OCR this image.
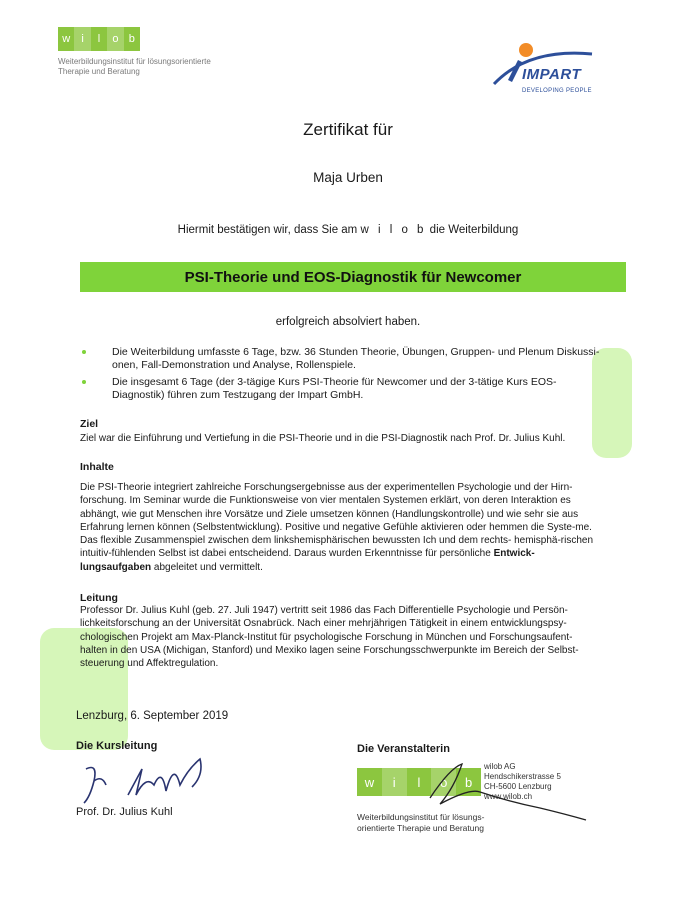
w	i	l	o b
Weiterbildungsinstitut für lösungsorientierte
Therapie und Beratung	IMPART
DEVELOPING PEOPLE
Zertifikat für
Maja Urben
Hiermit bestätigen wir, dass Sie am w i l o b die Weiterbildung
PSI-Theorie und EOS-Diagnostik für Newcomer
erfolgreich absolviert haben.
Die Weiterbildung umfasste 6 Tage, bzw. 36 Stunden Theorie, Übungen, Gruppen- und Plenum Diskussi-onen, Fall-Demonstration und Analyse, Rollenspiele.
Die insgesamt 6 Tage (der 3-tägige Kurs PSI-Theorie für Newcomer und der 3-tätige Kurs EOS-Diagnostik) führen zum Testzugang der Impart GmbH.
Ziel
Ziel war die Einführung und Vertiefung in die PSI-Theorie und in die PSI-Diagnostik nach Prof. Dr. Julius Kuhl.
Inhalte
Die PSI-Theorie integriert zahlreiche Forschungsergebnisse aus der experimentellen Psychologie und der Hirn-forschung. Im Seminar wurde die Funktionsweise von vier mentalen Systemen erklärt, von deren Interaktion es abhängt, wie gut Menschen ihre Vorsätze und Ziele umsetzen können (Handlungskontrolle) und wie sehr sie aus Erfahrung lernen können (Selbstentwicklung). Positive und negative Gefühle aktivieren oder hemmen die Syste-me. Das flexible Zusammenspiel zwischen dem linkshemisphärischen bewussten Ich und dem rechts- hemisphä-rischen intuitiv-fühlenden Selbst ist dabei entscheidend. Daraus wurden Erkenntnisse für persönliche Entwick-lungsaufgaben abgeleitet und vermittelt.
Leitung
Professor Dr. Julius Kuhl (geb. 27. Juli 1947) vertritt seit 1986 das Fach Differentielle Psychologie und Persön-lichkeitsforschung an der Universität Osnabrück. Nach einer mehrjährigen Tätigkeit in einem entwicklungspsy-chologischen Projekt am Max-Planck-Institut für psychologische Forschung in München und Forschungsaufent-halten in den USA (Michigan, Stanford) und Mexiko lagen seine Forschungsschwerpunkte im Bereich der Selbst-steuerung und Affektregulation.
Lenzburg, 6. September 2019
Die Kursleitung	Die Veranstalterin
Prof. Dr. Julius Kuhl
w	i	l	o	b
wilob AG
Hendschikerstrasse 5
CH-5600 Lenzburg
www.wilob.ch
Weiterbildungsinstitut für lösungs-
orientierte Therapie und Beratung
